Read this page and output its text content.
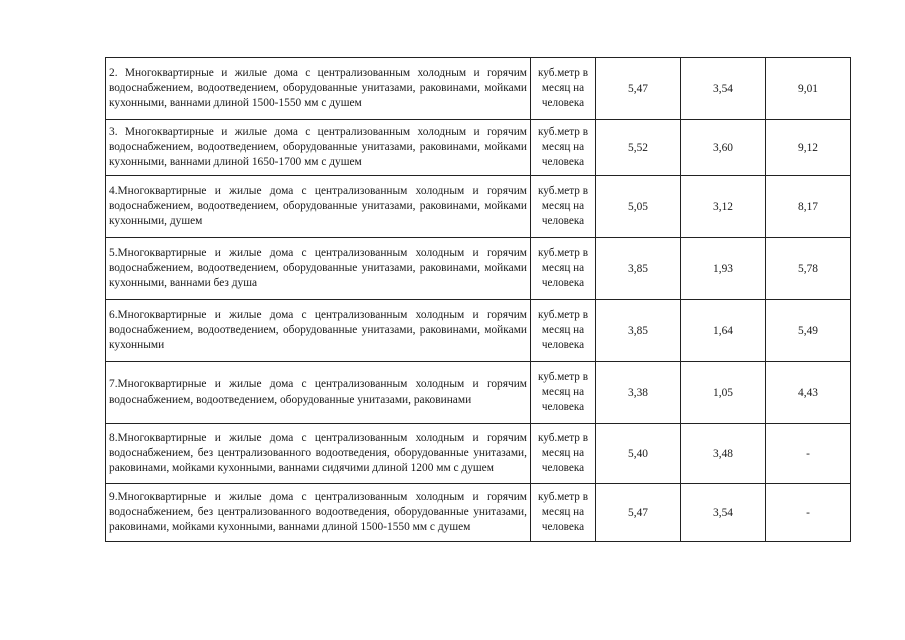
2. Многоквартирные и жилые дома с централизованным холодным и горячим водоснабжением, водоотведением, оборудованные унитазами, раковинами, мойками кухонными, ваннами длиной 1500-1550 мм с душем	куб.метр в месяц на человека	5,47	3,54	9,01
3. Многоквартирные и жилые дома с централизованным холодным и горячим водоснабжением, водоотведением, оборудованные унитазами, раковинами, мойками кухонными, ваннами длиной 1650-1700 мм с душем	куб.метр в месяц на человека	5,52	3,60	9,12
4.Многоквартирные и жилые дома с централизованным холодным и горячим водоснабжением, водоотведением, оборудованные унитазами, раковинами, мойками кухонными, душем	куб.метр в месяц на человека	5,05	3,12	8,17
5.Многоквартирные и жилые дома с централизованным холодным и горячим водоснабжением, водоотведением, оборудованные унитазами, раковинами, мойками кухонными, ваннами без душа	куб.метр в месяц на человека	3,85	1,93	5,78
6.Многоквартирные и жилые дома с централизованным холодным и горячим водоснабжением, водоотведением, оборудованные унитазами, раковинами, мойками кухонными	куб.метр в месяц на человека	3,85	1,64	5,49
7.Многоквартирные и жилые дома с централизованным холодным и горячим водоснабжением, водоотведением, оборудованные унитазами, раковинами	куб.метр в месяц на человека	3,38	1,05	4,43
8.Многоквартирные и жилые дома с централизованным холодным и горячим водоснабжением, без централизованного водоотведения, оборудованные унитазами, раковинами, мойками кухонными, ваннами сидячими длиной 1200 мм с душем	куб.метр в месяц на человека	5,40	3,48	-
9.Многоквартирные и жилые дома с централизованным холодным и горячим водоснабжением, без централизованного водоотведения, оборудованные унитазами, раковинами, мойками кухонными, ваннами длиной 1500-1550 мм с душем	куб.метр в месяц на человека	5,47	3,54	-
